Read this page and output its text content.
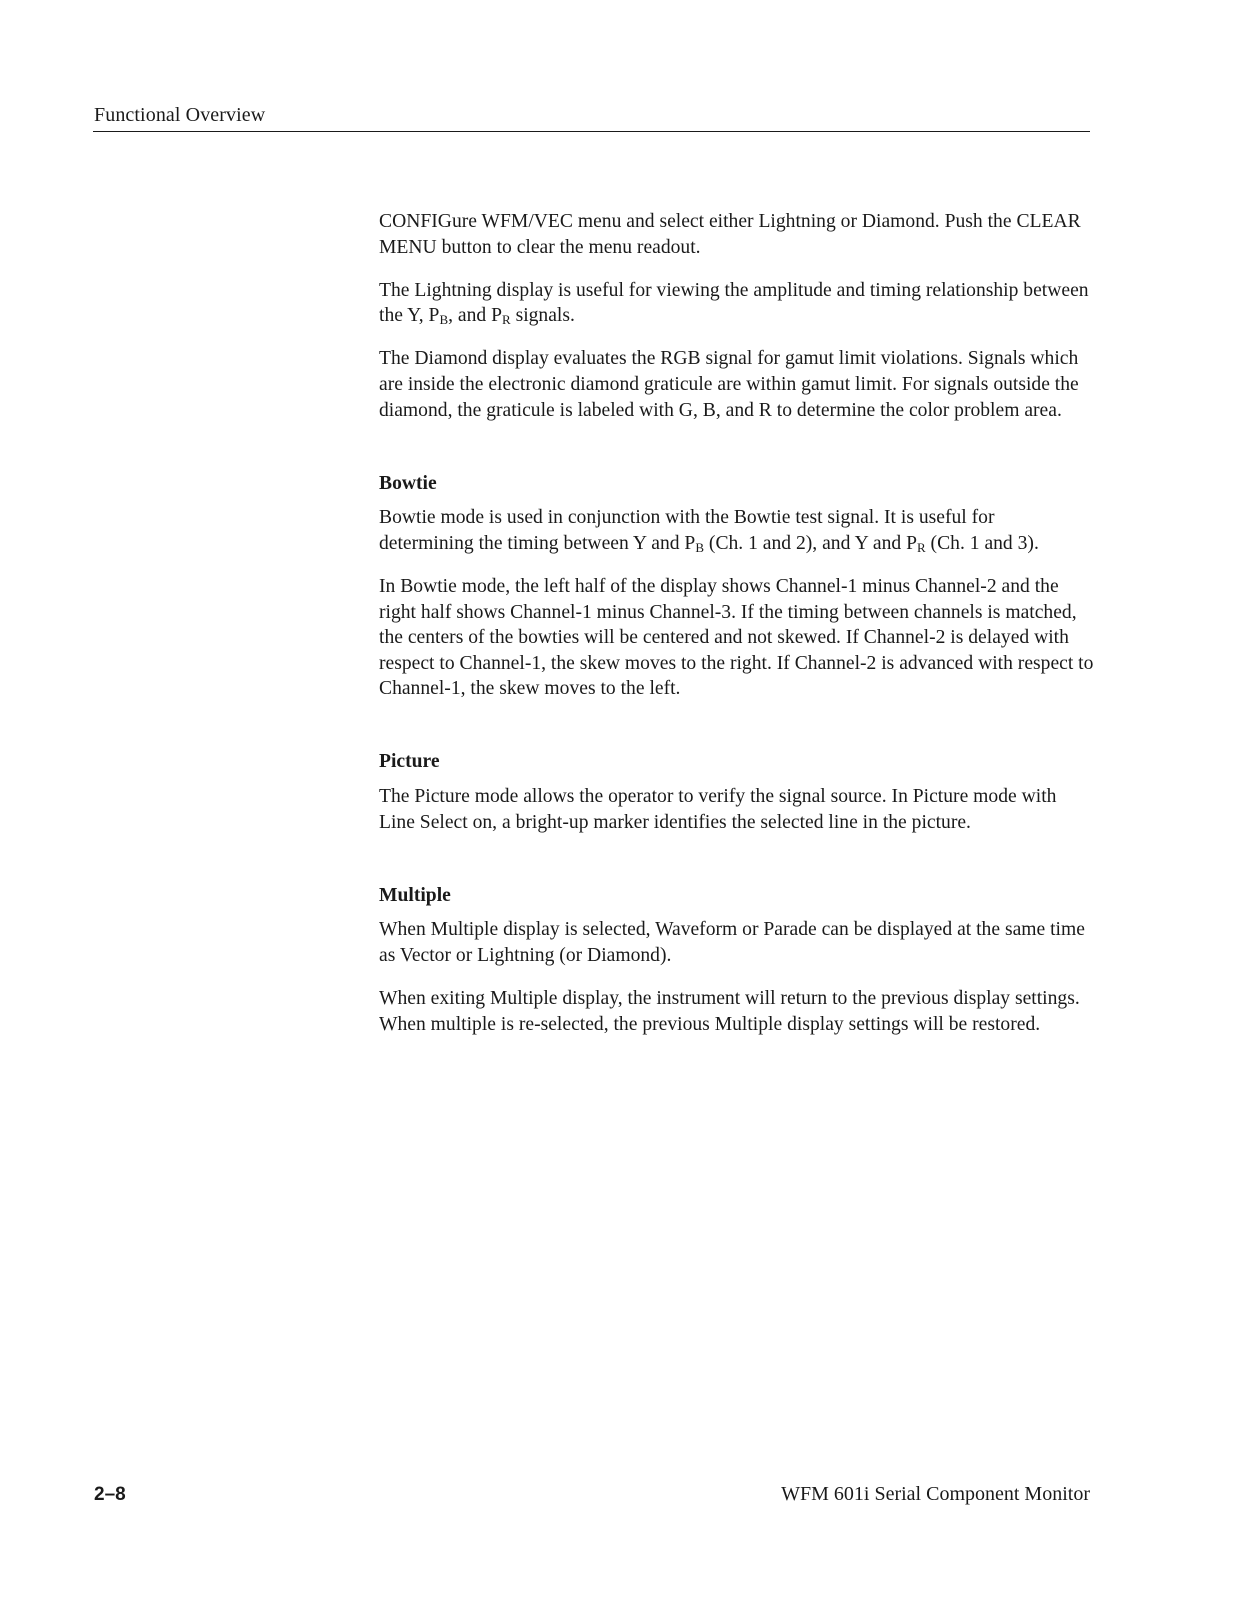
Functional Overview

CONFIGure WFM/VEC menu and select either Lightning or Diamond. Push the CLEAR MENU button to clear the menu readout.

The Lightning display is useful for viewing the amplitude and timing relationship between the Y, $P_B$, and $P_R$ signals.

The Diamond display evaluates the RGB signal for gamut limit violations. Signals which are inside the electronic diamond graticule are within gamut limit. For signals outside the diamond, the graticule is labeled with G, B, and R to determine the color problem area.

Bowtie

Bowtie mode is used in conjunction with the Bowtie test signal. It is useful for determining the timing between Y and $P_B$ (Ch. 1 and 2), and Y and $P_R$ (Ch. 1 and 3).

In Bowtie mode, the left half of the display shows Channel-1 minus Channel-2 and the right half shows Channel-1 minus Channel-3. If the timing between channels is matched, the centers of the bowties will be centered and not skewed. If Channel-2 is delayed with respect to Channel-1, the skew moves to the right. If Channel-2 is advanced with respect to Channel-1, the skew moves to the left.

Picture

The Picture mode allows the operator to verify the signal source. In Picture mode with Line Select on, a bright-up marker identifies the selected line in the picture.

Multiple

When Multiple display is selected, Waveform or Parade can be displayed at the same time as Vector or Lightning (or Diamond).

When exiting Multiple display, the instrument will return to the previous display settings. When multiple is re-selected, the previous Multiple display settings will be restored.

2–8	WFM 601i Serial Component Monitor
